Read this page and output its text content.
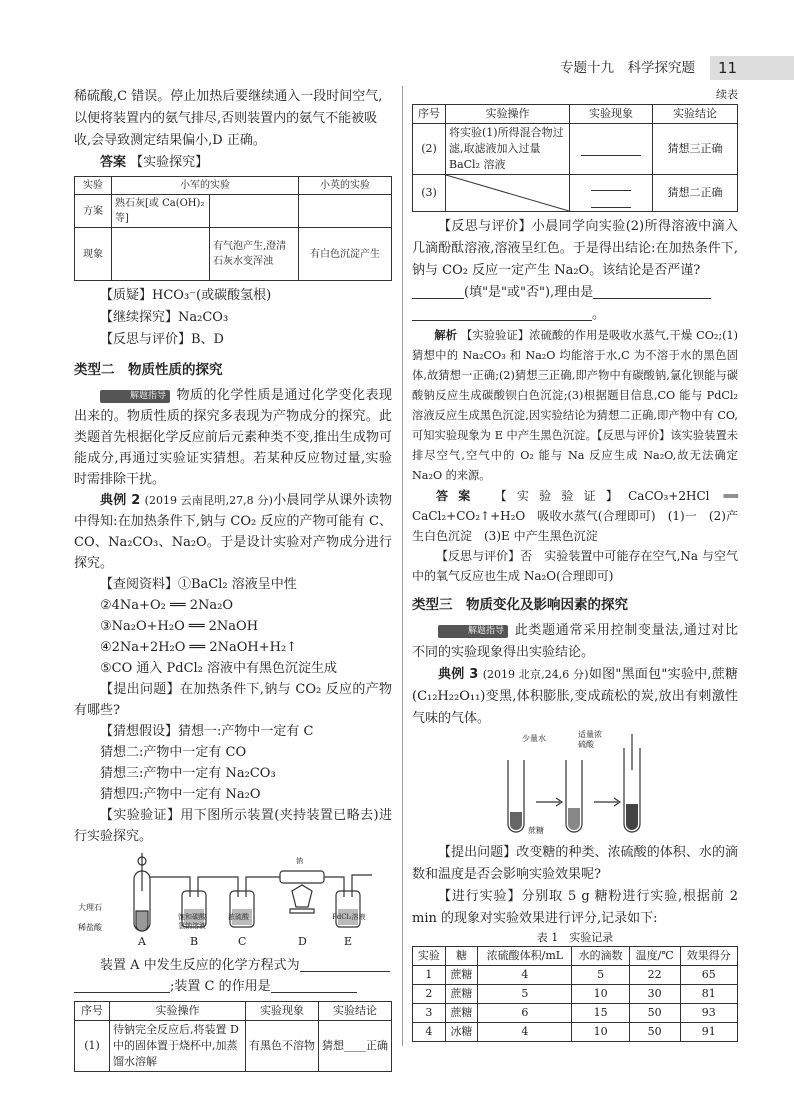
专题十九　科学探究题	11

稀硫酸,C 错误。停止加热后要继续通入一段时间空气,

以便将装置内的氨气排尽,否则装置内的氨气不能被吸

收,会导致测定结果偏小,D 正确。

答案 【实验探究】

实验	小军的实验		小英的实验
方案	熟石灰[或 Ca(OH)₂ 等]		
现象		有气泡产生,澄清石灰水变浑浊	有白色沉淀产生

【质疑】HCO₃⁻(或碳酸氢根)

【继续探究】Na₂CO₃

【反思与评价】B、D

类型二　物质性质的探究

解题指导 物质的化学性质是通过化学变化表现出来的。物质性质的探究多表现为产物成分的探究。此类题首先根据化学反应前后元素种类不变,推出生成物可能成分,再通过实验证实猜想。若某种反应物过量,实验时需排除干扰。

典例 2 (2019 云南昆明,27,8 分)小晨同学从课外读物中得知:在加热条件下,钠与 CO₂ 反应的产物可能有 C、CO、Na₂CO₃、Na₂O。于是设计实验对产物成分进行探究。

【查阅资料】①BaCl₂ 溶液呈中性

②4Na+O₂ ══ 2Na₂O

③Na₂O+H₂O ══ 2NaOH

④2Na+2H₂O ══ 2NaOH+H₂↑

⑤CO 通入 PdCl₂ 溶液中有黑色沉淀生成

【提出问题】在加热条件下,钠与 CO₂ 反应的产物有哪些?

【猜想假设】猜想一:产物中一定有 C

猜想二:产物中一定有 CO

猜想三:产物中一定有 Na₂CO₃

猜想四:产物中一定有 Na₂O

【实验验证】用下图所示装置(夹持装置已略去)进行实验探究。

大理石
稀盐酸
饱和碳酸氢钠溶液
浓硫酸
钠
PdCl₂溶液
A	B	C	D	E

装置 A 中发生反应的化学方程式为

;装置 C 的作用是

序号	实验操作	实验现象	实验结论
(1)	待钠完全反应后,将装置 D 中的固体置于烧杯中,加蒸馏水溶解	有黑色不溶物	猜想____正确

续表

序号	实验操作	实验现象	实验结论
(2)	将实验(1)所得混合物过滤,取滤液加入过量 BaCl₂ 溶液		猜想三正确
(3)			猜想二正确

【反思与评价】小晨同学向实验(2)所得溶液中滴入几滴酚酞溶液,溶液呈红色。于是得出结论:在加热条件下,钠与 CO₂ 反应一定产生 Na₂O。该结论是否严谨?

(填"是"或"否"),理由是

。

解析 【实验验证】浓硫酸的作用是吸收水蒸气,干燥 CO₂;(1)猜想中的 Na₂CO₃ 和 Na₂O 均能溶于水,C 为不溶于水的黑色固体,故猜想一正确;(2)猜想三正确,即产物中有碳酸钠,氯化钡能与碳酸钠反应生成碳酸钡白色沉淀;(3)根据题目信息,CO 能与 PdCl₂ 溶液反应生成黑色沉淀,因实验结论为猜想二正确,即产物中有 CO,可知实验现象为 E 中产生黑色沉淀。【反思与评价】该实验装置未排尽空气,空气中的 O₂ 能与 Na 反应生成 Na₂O,故无法确定 Na₂O 的来源。

答案 【实验验证】CaCO₃+2HCl ══ CaCl₂+CO₂↑+H₂O　吸收水蒸气(合理即可)　(1)一　(2)产生白色沉淀　(3)E 中产生黑色沉淀

【反思与评价】否　实验装置中可能存在空气,Na 与空气中的氧气反应也生成 Na₂O(合理即可)

类型三　物质变化及影响因素的探究

解题指导 此类题通常采用控制变量法,通过对比不同的实验现象得出实验结论。

典例 3 (2019 北京,24,6 分)如图"黑面包"实验中,蔗糖(C₁₂H₂₂O₁₁)变黑,体积膨胀,变成疏松的炭,放出有刺激性气味的气体。

少量水	适量浓硫酸
蔗糖

【提出问题】改变糖的种类、浓硫酸的体积、水的滴数和温度是否会影响实验效果呢?

【进行实验】分别取 5 g 糖粉进行实验,根据前 2 min 的现象对实验效果进行评分,记录如下:

表 1　实验记录
实验	糖	浓硫酸体积/mL	水的滴数	温度/℃	效果得分
1	蔗糖	4	5	22	65
2	蔗糖	5	10	30	81
3	蔗糖	6	15	50	93
4	冰糖	4	10	50	91
